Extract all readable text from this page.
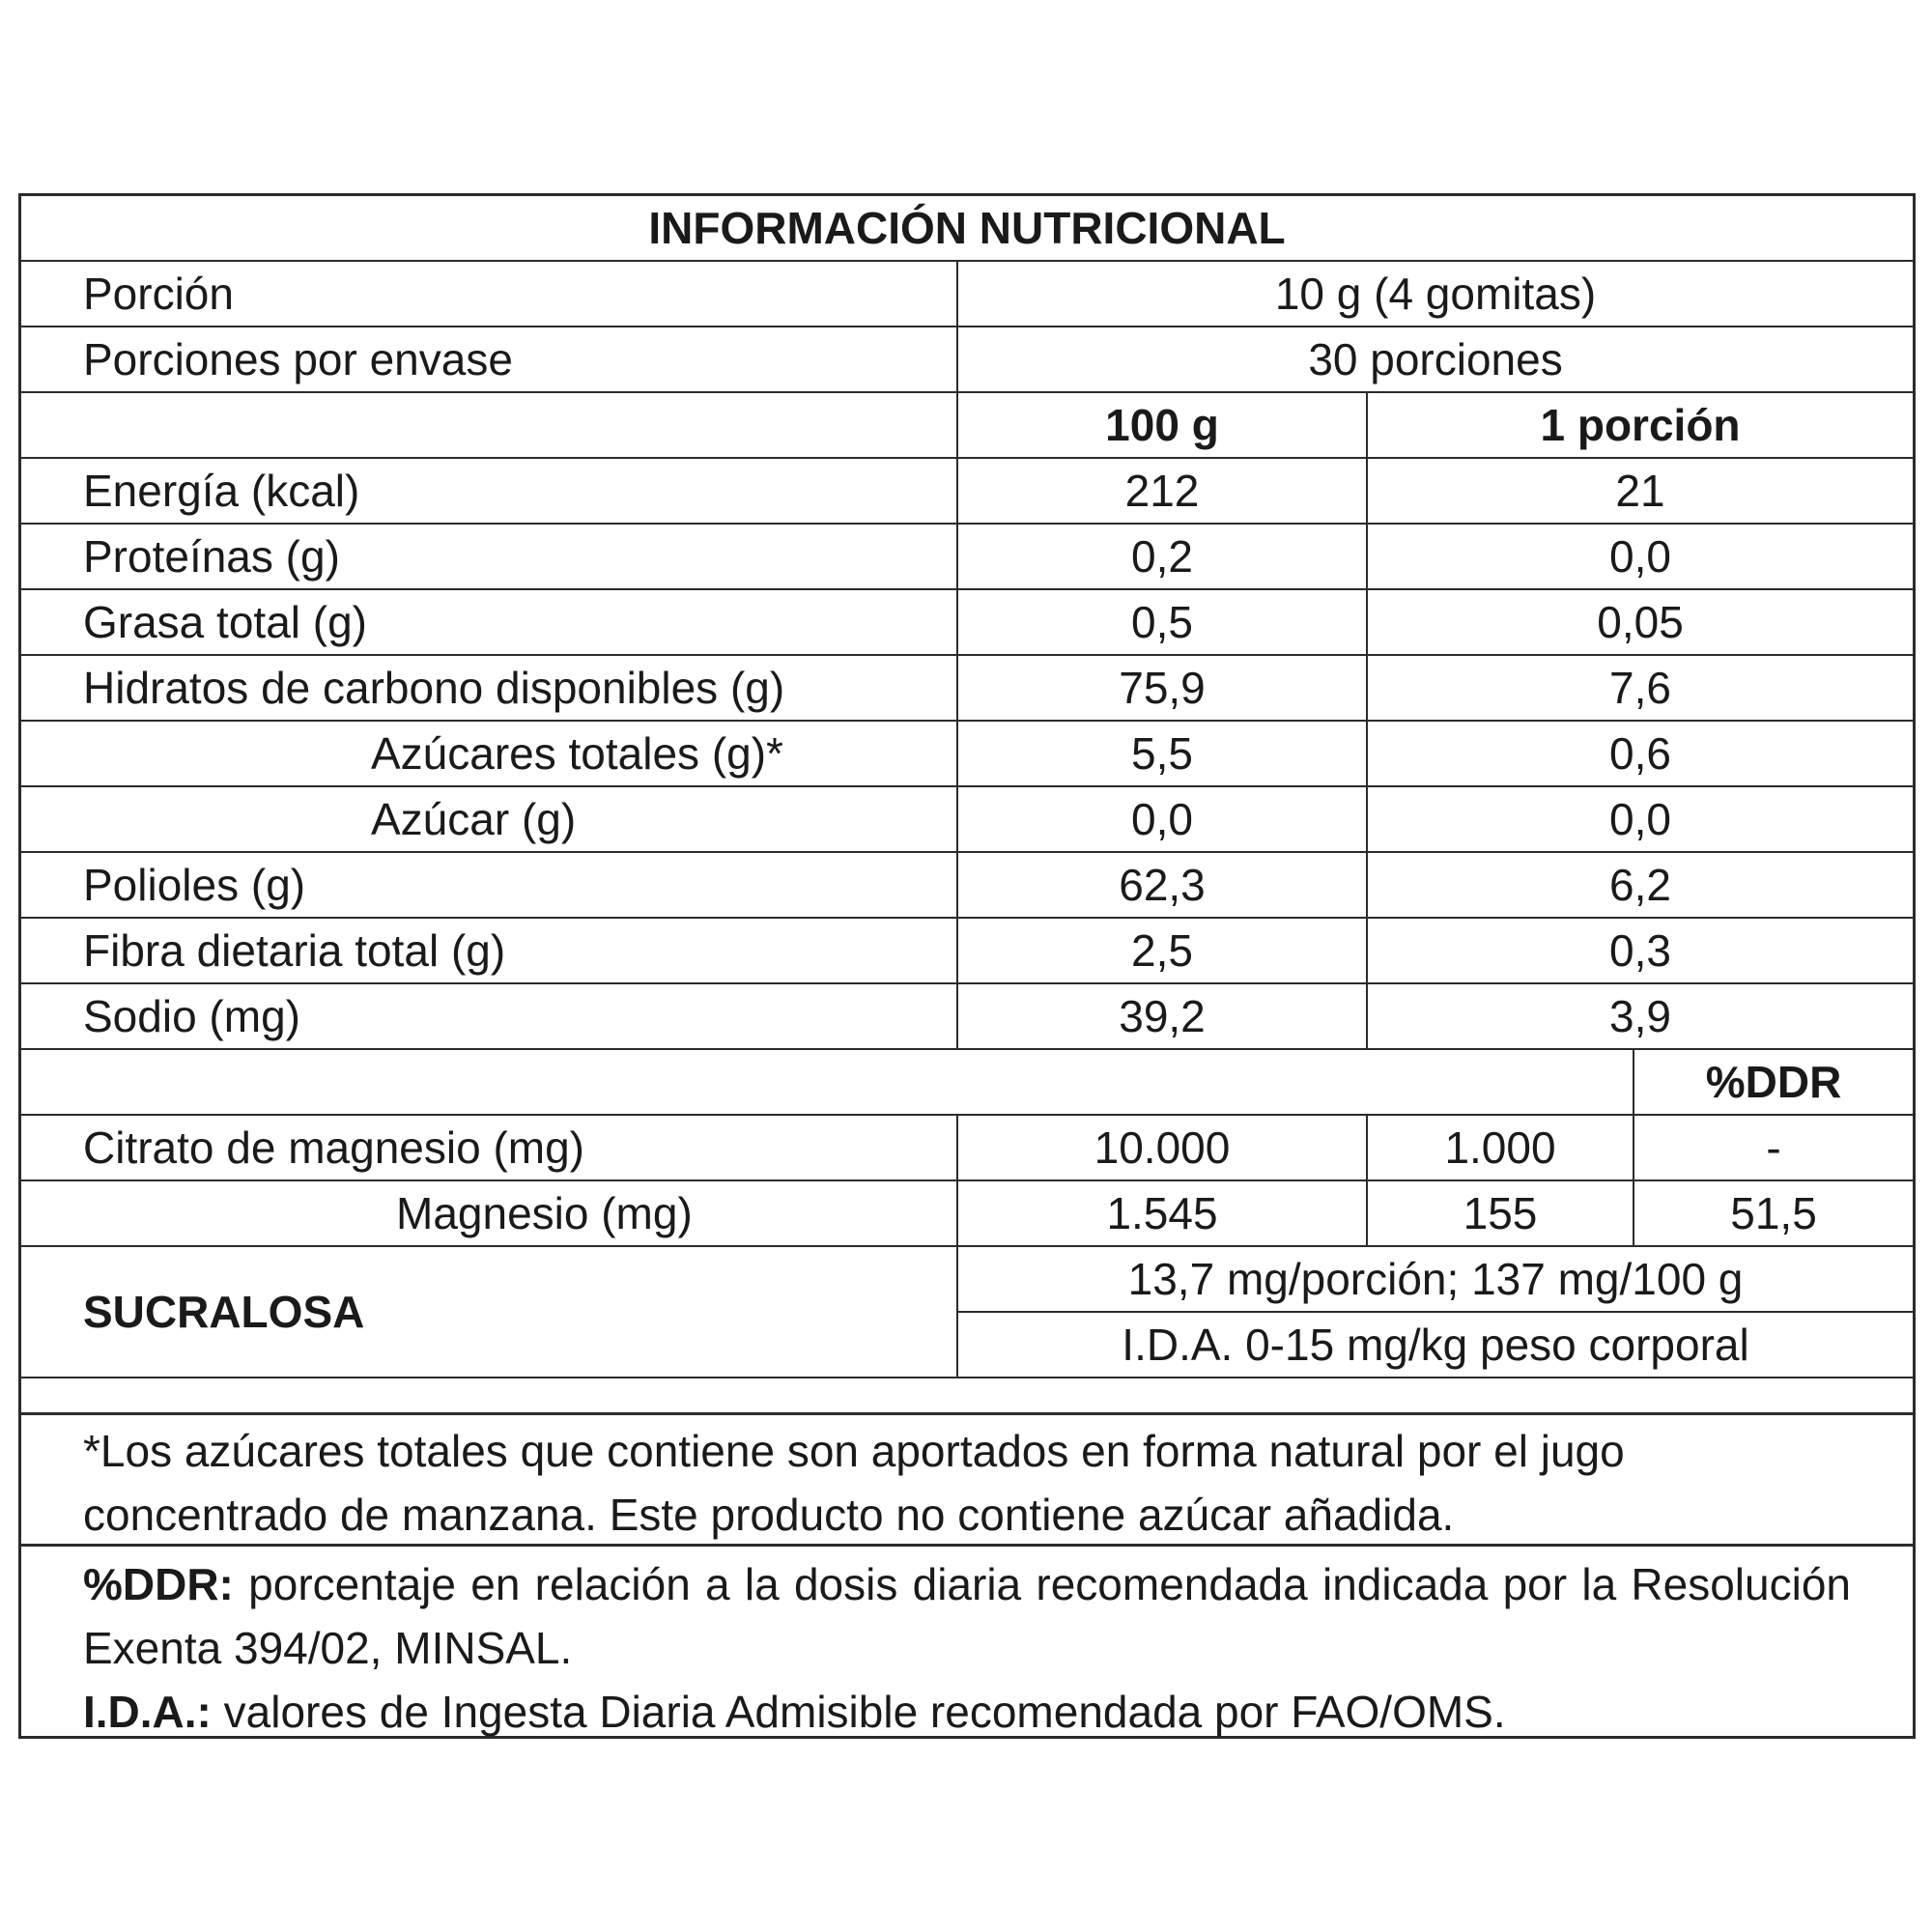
INFORMACIÓN NUTRICIONAL			
Porción	10 g (4 gomitas)		
Porciones por envase	30 porciones		
	100 g	1 porción	
Energía (kcal)	212	21	
Proteínas (g)	0,2	0,0	
Grasa total (g)	0,5	0,05	
Hidratos de carbono disponibles (g)	75,9	7,6	
Azúcares totales (g)*	5,5	0,6	
Azúcar (g)	0,0	0,0	
Polioles (g)	62,3	6,2	
Fibra dietaria total (g)	2,5	0,3	
Sodio (mg)	39,2	3,9	
			%DDR
Citrato de magnesio (mg)	10.000	1.000	-
Magnesio (mg)	1.545	155	51,5
SUCRALOSA	13,7 mg/porción; 137 mg/100 g		
	I.D.A. 0-15 mg/kg peso corporal		
*Los azúcares totales que contiene son aportados en forma natural por el jugo concentrado de manzana. Este producto no contiene azúcar añadida.

%DDR: porcentaje en relación a la dosis diaria recomendada indicada por la Resolución Exenta 394/02, MINSAL.

I.D.A.: valores de Ingesta Diaria Admisible recomendada por FAO/OMS.
